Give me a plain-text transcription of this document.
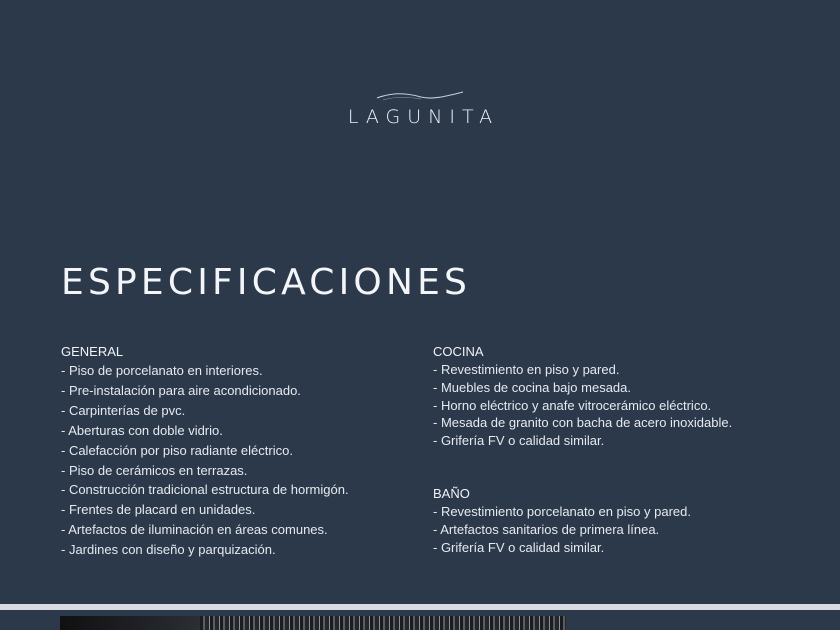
LAGUNITA
ESPECIFICACIONES
GENERAL
- Piso de porcelanato en interiores.
- Pre-instalación para aire acondicionado.
- Carpinterías de pvc.
- Aberturas con doble vidrio.
- Calefacción por piso radiante eléctrico.
- Piso de cerámicos en terrazas.
- Construcción tradicional estructura de hormigón.
- Frentes de placard en unidades.
- Artefactos de iluminación en áreas comunes.
- Jardines con diseño y parquización.
COCINA
- Revestimiento en piso y pared.
- Muebles de cocina bajo mesada.
- Horno eléctrico y anafe vitrocerámico eléctrico.
- Mesada de granito con bacha de acero inoxidable.
- Grifería FV o calidad similar.
BAÑO
- Revestimiento porcelanato en piso y pared.
- Artefactos sanitarios de primera línea.
- Grifería FV o calidad similar.
